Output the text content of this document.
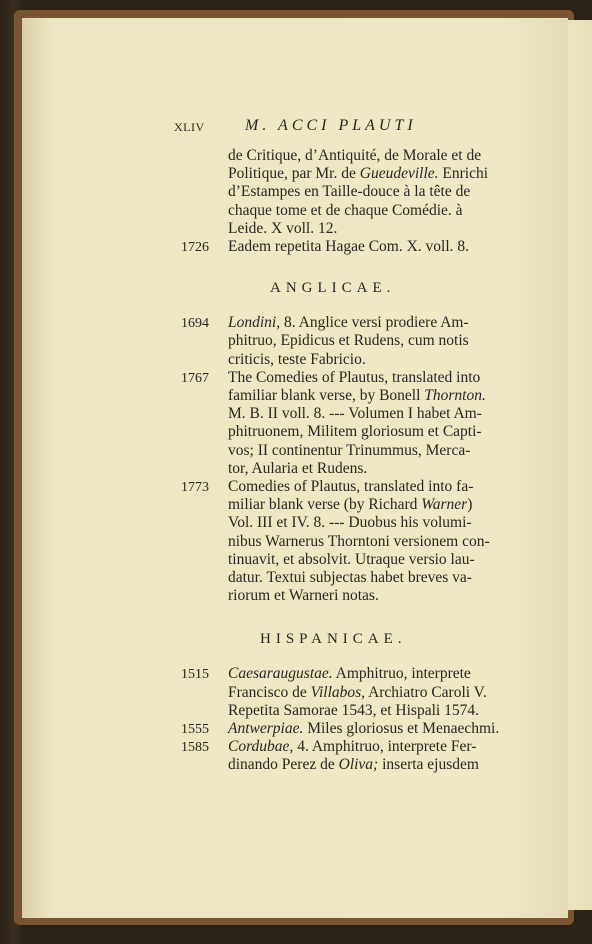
XLIV	M. ACCI PLAUTI
de Critique, d’Antiquité, de Morale et de
Politique, par Mr. de Gueudeville. Enrichi
d’Estampes en Taille-douce à la tête de
chaque tome et de chaque Comédie. à
Leide. X voll. 12.
1726 Eadem repetita Hagae Com. X. voll. 8.
ANGLICAE.
1694 Londini, 8. Anglice versi prodiere Am-
phitruo, Epidicus et Rudens, cum notis
criticis, teste Fabricio.
1767 The Comedies of Plautus, translated into
familiar blank verse, by Bonell Thornton.
M. B. II voll. 8. --- Volumen I habet Am-
phitruonem, Militem gloriosum et Capti-
vos; II continentur Trinummus, Merca-
tor, Aularia et Rudens.
1773 Comedies of Plautus, translated into fa-
miliar blank verse (by Richard Warner)
Vol. III et IV. 8. --- Duobus his volumi-
nibus Warnerus Thorntoni versionem con-
tinuavit, et absolvit. Utraque versio lau-
datur. Textui subjectas habet breves va-
riorum et Warneri notas.
HISPANICAE.
1515 Caesaraugustae. Amphitruo, interprete
Francisco de Villabos, Archiatro Caroli V.
Repetita Samorae 1543, et Hispali 1574.
1555 Antwerpiae. Miles gloriosus et Menaechmi.
1585 Cordubae, 4. Amphitruo, interprete Fer-
dinando Perez de Oliva; inserta ejusdem
